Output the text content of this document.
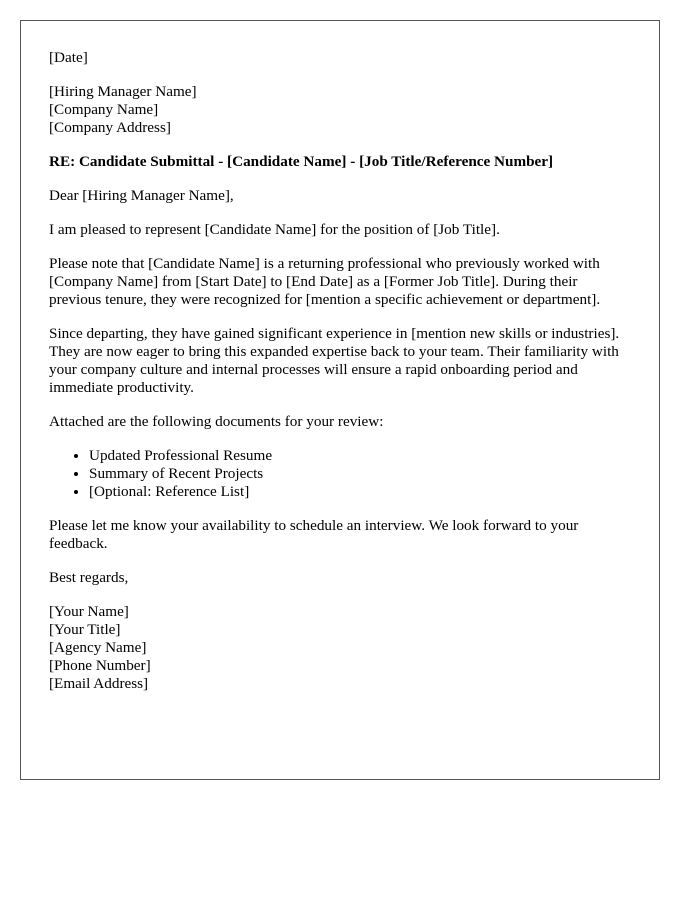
[Date]

[Hiring Manager Name]
[Company Name]
[Company Address]

RE: Candidate Submittal - [Candidate Name] - [Job Title/Reference Number]

Dear [Hiring Manager Name],

I am pleased to represent [Candidate Name] for the position of [Job Title].

Please note that [Candidate Name] is a returning professional who previously worked with [Company Name] from [Start Date] to [End Date] as a [Former Job Title]. During their previous tenure, they were recognized for [mention a specific achievement or department].

Since departing, they have gained significant experience in [mention new skills or industries]. They are now eager to bring this expanded expertise back to your team. Their familiarity with your company culture and internal processes will ensure a rapid onboarding period and immediate productivity.

Attached are the following documents for your review:

• Updated Professional Resume
• Summary of Recent Projects
• [Optional: Reference List]

Please let me know your availability to schedule an interview. We look forward to your feedback.

Best regards,

[Your Name]
[Your Title]
[Agency Name]
[Phone Number]
[Email Address]
